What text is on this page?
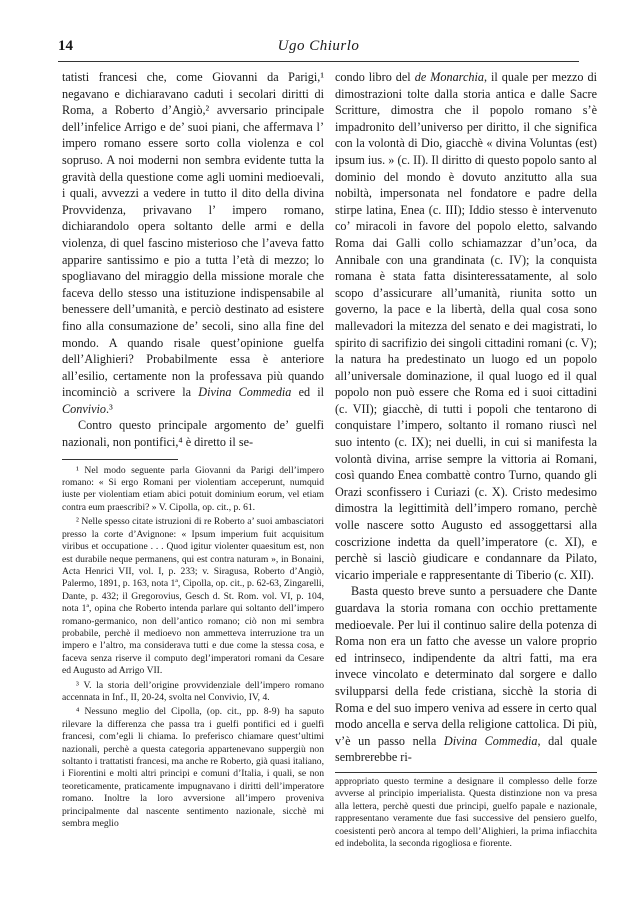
14	Ugo Chiurlo

tatisti francesi che, come Giovanni da Parigi,¹ negavano e dichiaravano caduti i secolari diritti di Roma, a Roberto d’Angiò,² avversario principale dell’infelice Arrigo e de’ suoi piani, che affermava l’ impero romano essere sorto colla violenza e col sopruso. A noi moderni non sembra evidente tutta la gravità della questione come agli uomini medioevali, i quali, avvezzi a vedere in tutto il dito della divina Provvidenza, privavano l’ impero romano, dichiarandolo opera soltanto delle armi e della violenza, di quel fascino misterioso che l’aveva fatto apparire santissimo e pio a tutta l’età di mezzo; lo spogliavano del miraggio della missione morale che faceva dello stesso una istituzione indispensabile al benessere dell’umanità, e perciò destinato ad esistere fino alla consumazione de’ secoli, sino alla fine del mondo. A quando risale quest’opinione guelfa dell’Alighieri? Probabilmente essa è anteriore all’esilio, certamente non la professava più quando incominciò a scrivere la Divina Commedia ed il Convivio.³

Contro questo principale argomento de’ guelfi nazionali, non pontifici,⁴ è diretto il se-

¹ Nel modo seguente parla Giovanni da Parigi dell’impero romano: « Si ergo Romani per violentiam acceperunt, numquid iuste per violentiam etiam abici potuit dominium eorum, vel etiam contra eum praescribi? » V. Cipolla, op. cit., p. 61.

² Nelle spesso citate istruzioni di re Roberto a’ suoi ambasciatori presso la corte d’Avignone: « Ipsum imperium fuit acquisitum viribus et occupatione . . . Quod igitur violenter quaesitum est, non est durabile neque permanens, qui est contra naturam », in Bonaini, Acta Henrici VII, vol. I, p. 233; v. Siragusa, Roberto d’Angiò, Palermo, 1891, p. 163, nota 1ª, Cipolla, op. cit., p. 62-63, Zingarelli, Dante, p. 432; il Gregorovius, Gesch d. St. Rom. vol. VI, p. 104, nota 1ª, opina che Roberto intenda parlare qui soltanto dell’impero romano-germanico, non dell’antico romano; ciò non mi sembra probabile, perchè il medioevo non ammetteva interruzione tra un impero e l’altro, ma considerava tutti e due come la stessa cosa, e faceva senza riserve il computo degl’imperatori romani da Cesare ed Augusto ad Arrigo VII.

³ V. la storia dell’origine provvidenziale dell’impero romano accennata in Inf., II, 20-24, svolta nel Convivio, IV, 4.

⁴ Nessuno meglio del Cipolla, (op. cit., pp. 8-9) ha saputo rilevare la differenza che passa tra i guelfi pontifici ed i guelfi francesi, com’egli li chiama. Io preferisco chiamare quest’ultimi nazionali, perchè a questa categoria appartenevano suppergiù non soltanto i trattatisti francesi, ma anche re Roberto, già quasi italiano, i Fiorentini e molti altri principi e comuni d’Italia, i quali, se non teoreticamente, praticamente impugnavano i diritti dell’imperatore romano. Inoltre la loro avversione all’impero proveniva principalmente dal nascente sentimento nazionale, sicchè mi sembra meglio

condo libro del de Monarchia, il quale per mezzo di dimostrazioni tolte dalla storia antica e dalle Sacre Scritture, dimostra che il popolo romano s’è impadronito dell’universo per diritto, il che significa con la volontà di Dio, giacchè « divina Voluntas (est) ipsum ius. » (c. II). Il diritto di questo popolo santo al dominio del mondo è dovuto anzitutto alla sua nobiltà, impersonata nel fondatore e padre della stirpe latina, Enea (c. III); Iddio stesso è intervenuto co’ miracoli in favore del popolo eletto, salvando Roma dai Galli collo schiamazzar d’un’oca, da Annibale con una grandinata (c. IV); la conquista romana è stata fatta disinteressatamente, al solo scopo d’assicurare all’umanità, riunita sotto un governo, la pace e la libertà, della qual cosa sono mallevadori la mitezza del senato e dei magistrati, lo spirito di sacrifizio dei singoli cittadini romani (c. V); la natura ha predestinato un luogo ed un popolo all’universale dominazione, il qual luogo ed il qual popolo non può essere che Roma ed i suoi cittadini (c. VII); giacchè, di tutti i popoli che tentarono di conquistare l’impero, soltanto il romano riuscì nel suo intento (c. IX); nei duelli, in cui si manifesta la volontà divina, arrise sempre la vittoria ai Romani, così quando Enea combattè contro Turno, quando gli Orazi sconfissero i Curiazi (c. X). Cristo medesimo dimostra la legittimità dell’impero romano, perchè volle nascere sotto Augusto ed assoggettarsi alla coscrizione indetta da quell’imperatore (c. XI), e perchè si lasciò giudicare e condannare da Pilato, vicario imperiale e rappresentante di Tiberio (c. XII).

Basta questo breve sunto a persuadere che Dante guardava la storia romana con occhio prettamente medioevale. Per lui il continuo salire della potenza di Roma non era un fatto che avesse un valore proprio ed intrinseco, indipendente da altri fatti, ma era invece vincolato e determinato dal sorgere e dallo svilupparsi della fede cristiana, sicchè la storia di Roma e del suo impero veniva ad essere in certo qual modo ancella e serva della religione cattolica. Di più, v’è un passo nella Divina Commedia, dal quale sembrerebbe ri-

appropriato questo termine a designare il complesso delle forze avverse al principio imperialista. Questa distinzione non va presa alla lettera, perchè questi due principi, guelfo papale e nazionale, rappresentano veramente due fasi successive del pensiero guelfo, coesistenti però ancora al tempo dell’Alighieri, la prima infiacchita ed indebolita, la seconda rigogliosa e fiorente.
